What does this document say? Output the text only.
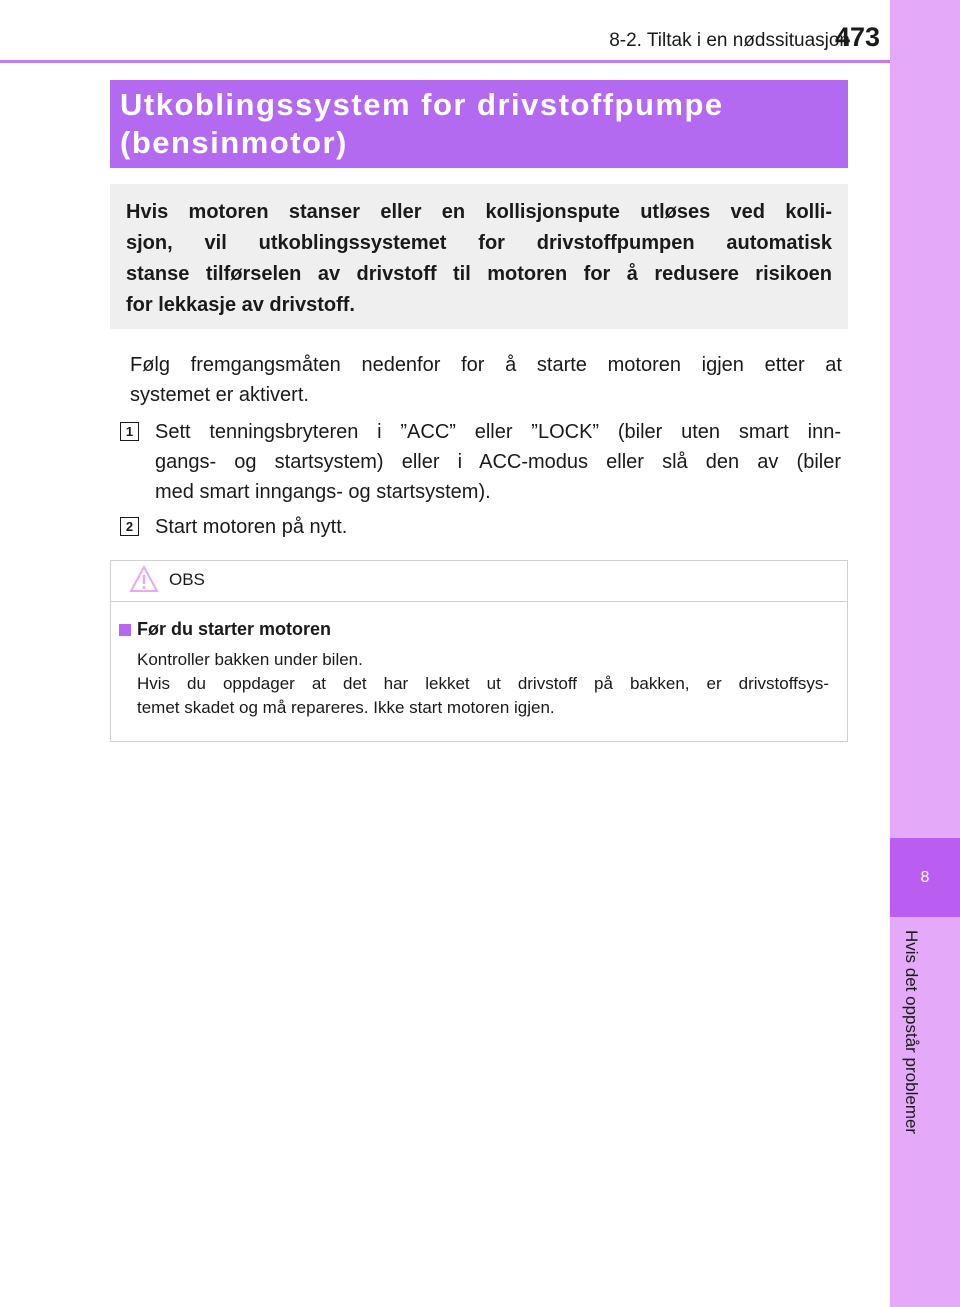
8
Hvis det oppstår problemer
8-2. Tiltak i en nødssituasjon
473
Utkoblingssystem for drivstoffpumpe
(bensinmotor)
Hvis motoren stanser eller en kollisjonspute utløses ved kolli-
sjon, vil utkoblingssystemet for drivstoffpumpen automatisk
stanse tilførselen av drivstoff til motoren for å redusere risikoen
for lekkasje av drivstoff.
Følg fremgangsmåten nedenfor for å starte motoren igjen etter at
systemet er aktivert.
1 Sett tenningsbryteren i ”ACC” eller ”LOCK” (biler uten smart inn-
gangs- og startsystem) eller i ACC-modus eller slå den av (biler
med smart inngangs- og startsystem).
2 Start motoren på nytt.
OBS
Før du starter motoren
Kontroller bakken under bilen.
Hvis du oppdager at det har lekket ut drivstoff på bakken, er drivstoffsys-
temet skadet og må repareres. Ikke start motoren igjen.
